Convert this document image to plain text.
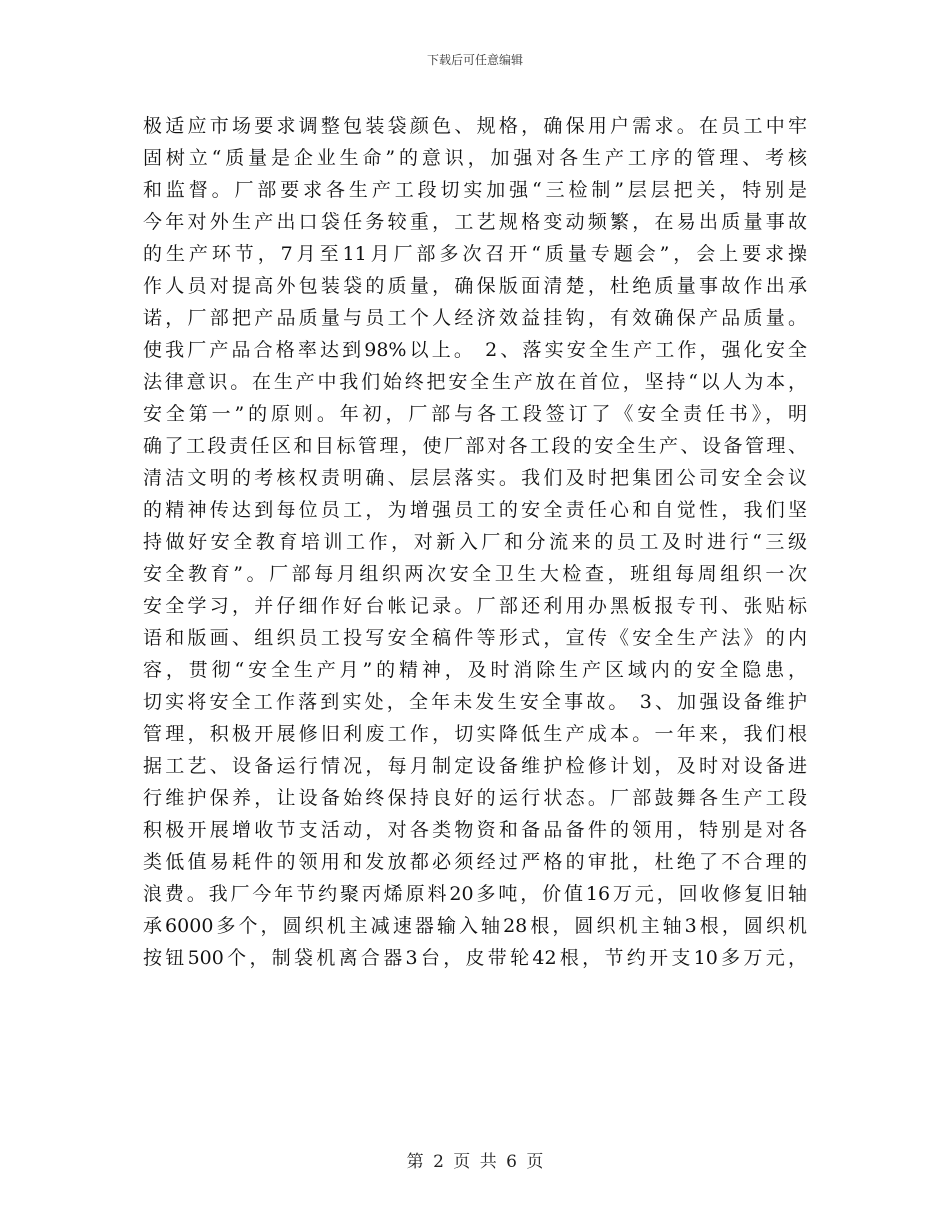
下载后可任意编辑
极适应市场要求调整包装袋颜色、规格，确保用户需求。在员工中牢
固树立“质量是企业生命”的意识，加强对各生产工序的管理、考核
和监督。厂部要求各生产工段切实加强“三检制”层层把关，特别是
今年对外生产出口袋任务较重，工艺规格变动频繁，在易出质量事故
的生产环节，7月至11月厂部多次召开“质量专题会”，会上要求操
作人员对提高外包装袋的质量，确保版面清楚，杜绝质量事故作出承
诺，厂部把产品质量与员工个人经济效益挂钩，有效确保产品质量。
使我厂产品合格率达到98%以上。 2、落实安全生产工作，强化安全
法律意识。在生产中我们始终把安全生产放在首位，坚持“以人为本，
安全第一”的原则。年初，厂部与各工段签订了《安全责任书》，明
确了工段责任区和目标管理，使厂部对各工段的安全生产、设备管理、
清洁文明的考核权责明确、层层落实。我们及时把集团公司安全会议
的精神传达到每位员工，为增强员工的安全责任心和自觉性，我们坚
持做好安全教育培训工作，对新入厂和分流来的员工及时进行“三级
安全教育”。厂部每月组织两次安全卫生大检查，班组每周组织一次
安全学习，并仔细作好台帐记录。厂部还利用办黑板报专刊、张贴标
语和版画、组织员工投写安全稿件等形式，宣传《安全生产法》的内
容，贯彻“安全生产月”的精神，及时消除生产区域内的安全隐患，
切实将安全工作落到实处，全年未发生安全事故。 3、加强设备维护
管理，积极开展修旧利废工作，切实降低生产成本。一年来，我们根
据工艺、设备运行情况，每月制定设备维护检修计划，及时对设备进
行维护保养，让设备始终保持良好的运行状态。厂部鼓舞各生产工段
积极开展增收节支活动，对各类物资和备品备件的领用，特别是对各
类低值易耗件的领用和发放都必须经过严格的审批，杜绝了不合理的
浪费。我厂今年节约聚丙烯原料20多吨，价值16万元，回收修复旧轴
承6000多个，圆织机主减速器输入轴28根，圆织机主轴3根，圆织机
按钮500个，制袋机离合器3台，皮带轮42根，节约开支10多万元，
第 2 页 共 6 页
